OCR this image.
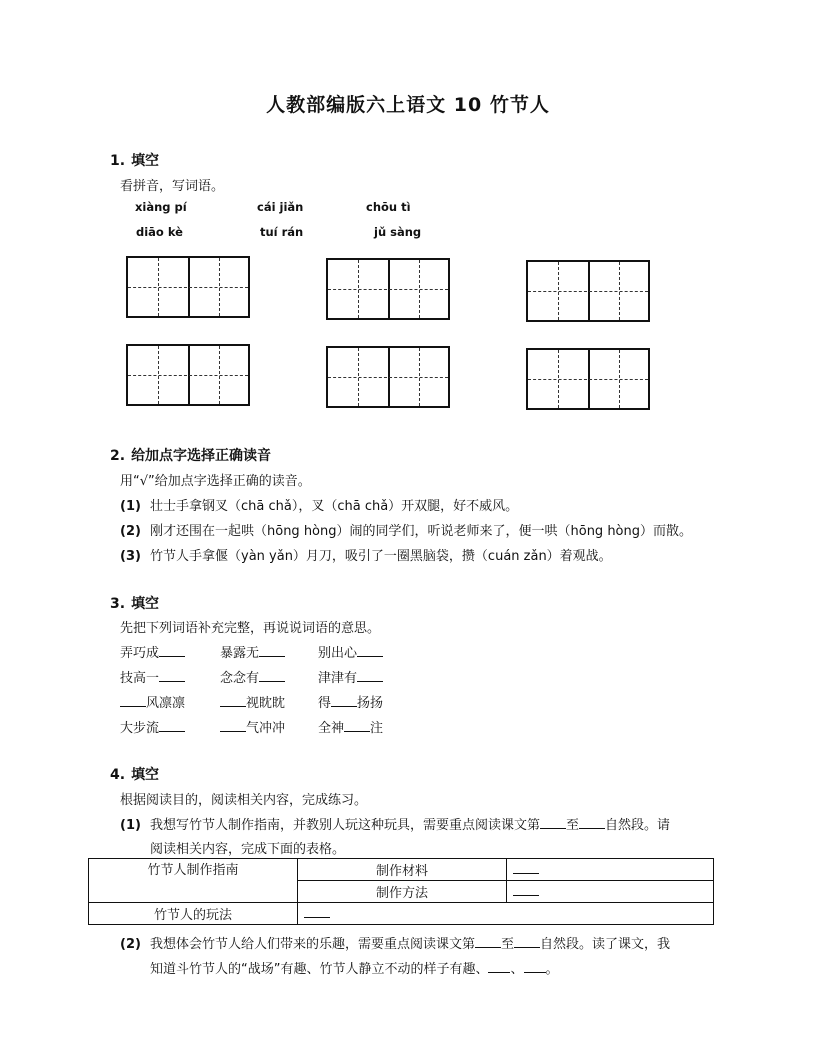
人教部编版六上语文 10 竹节人
1. 填空
看拼音，写词语。
xiàng pí	cái jiǎn	chōu tì
diāo kè	tuí rán	jǔ sàng
2. 给加点字选择正确读音
用“√”给加点字选择正确的读音。
(1) 壮士手拿钢叉（chā chǎ），叉（chā chǎ）开双腿，好不威风。
(2) 刚才还围在一起哄（hōng hòng）闹的同学们，听说老师来了，便一哄（hōng hòng）而散。
(3) 竹节人手拿偃（yàn yǎn）月刀，吸引了一圈黑脑袋，攒（cuán zǎn）着观战。
3. 填空
先把下列词语补充完整，再说说词语的意思。
弄巧成	暴露无	别出心
技高一	念念有	津津有
风凛凛	视眈眈	得 扬扬
大步流	气冲冲	全神 注
4. 填空
根据阅读目的，阅读相关内容，完成练习。
(1) 我想写竹节人制作指南，并教别人玩这种玩具，需要重点阅读课文第 至 自然段。请
阅读相关内容，完成下面的表格。
竹节人制作指南	制作材料	
	制作方法	
竹节人的玩法		
(2) 我想体会竹节人给人们带来的乐趣，需要重点阅读课文第 至 自然段。读了课文，我
知道斗竹节人的“战场”有趣、竹节人静立不动的样子有趣、 、 。
